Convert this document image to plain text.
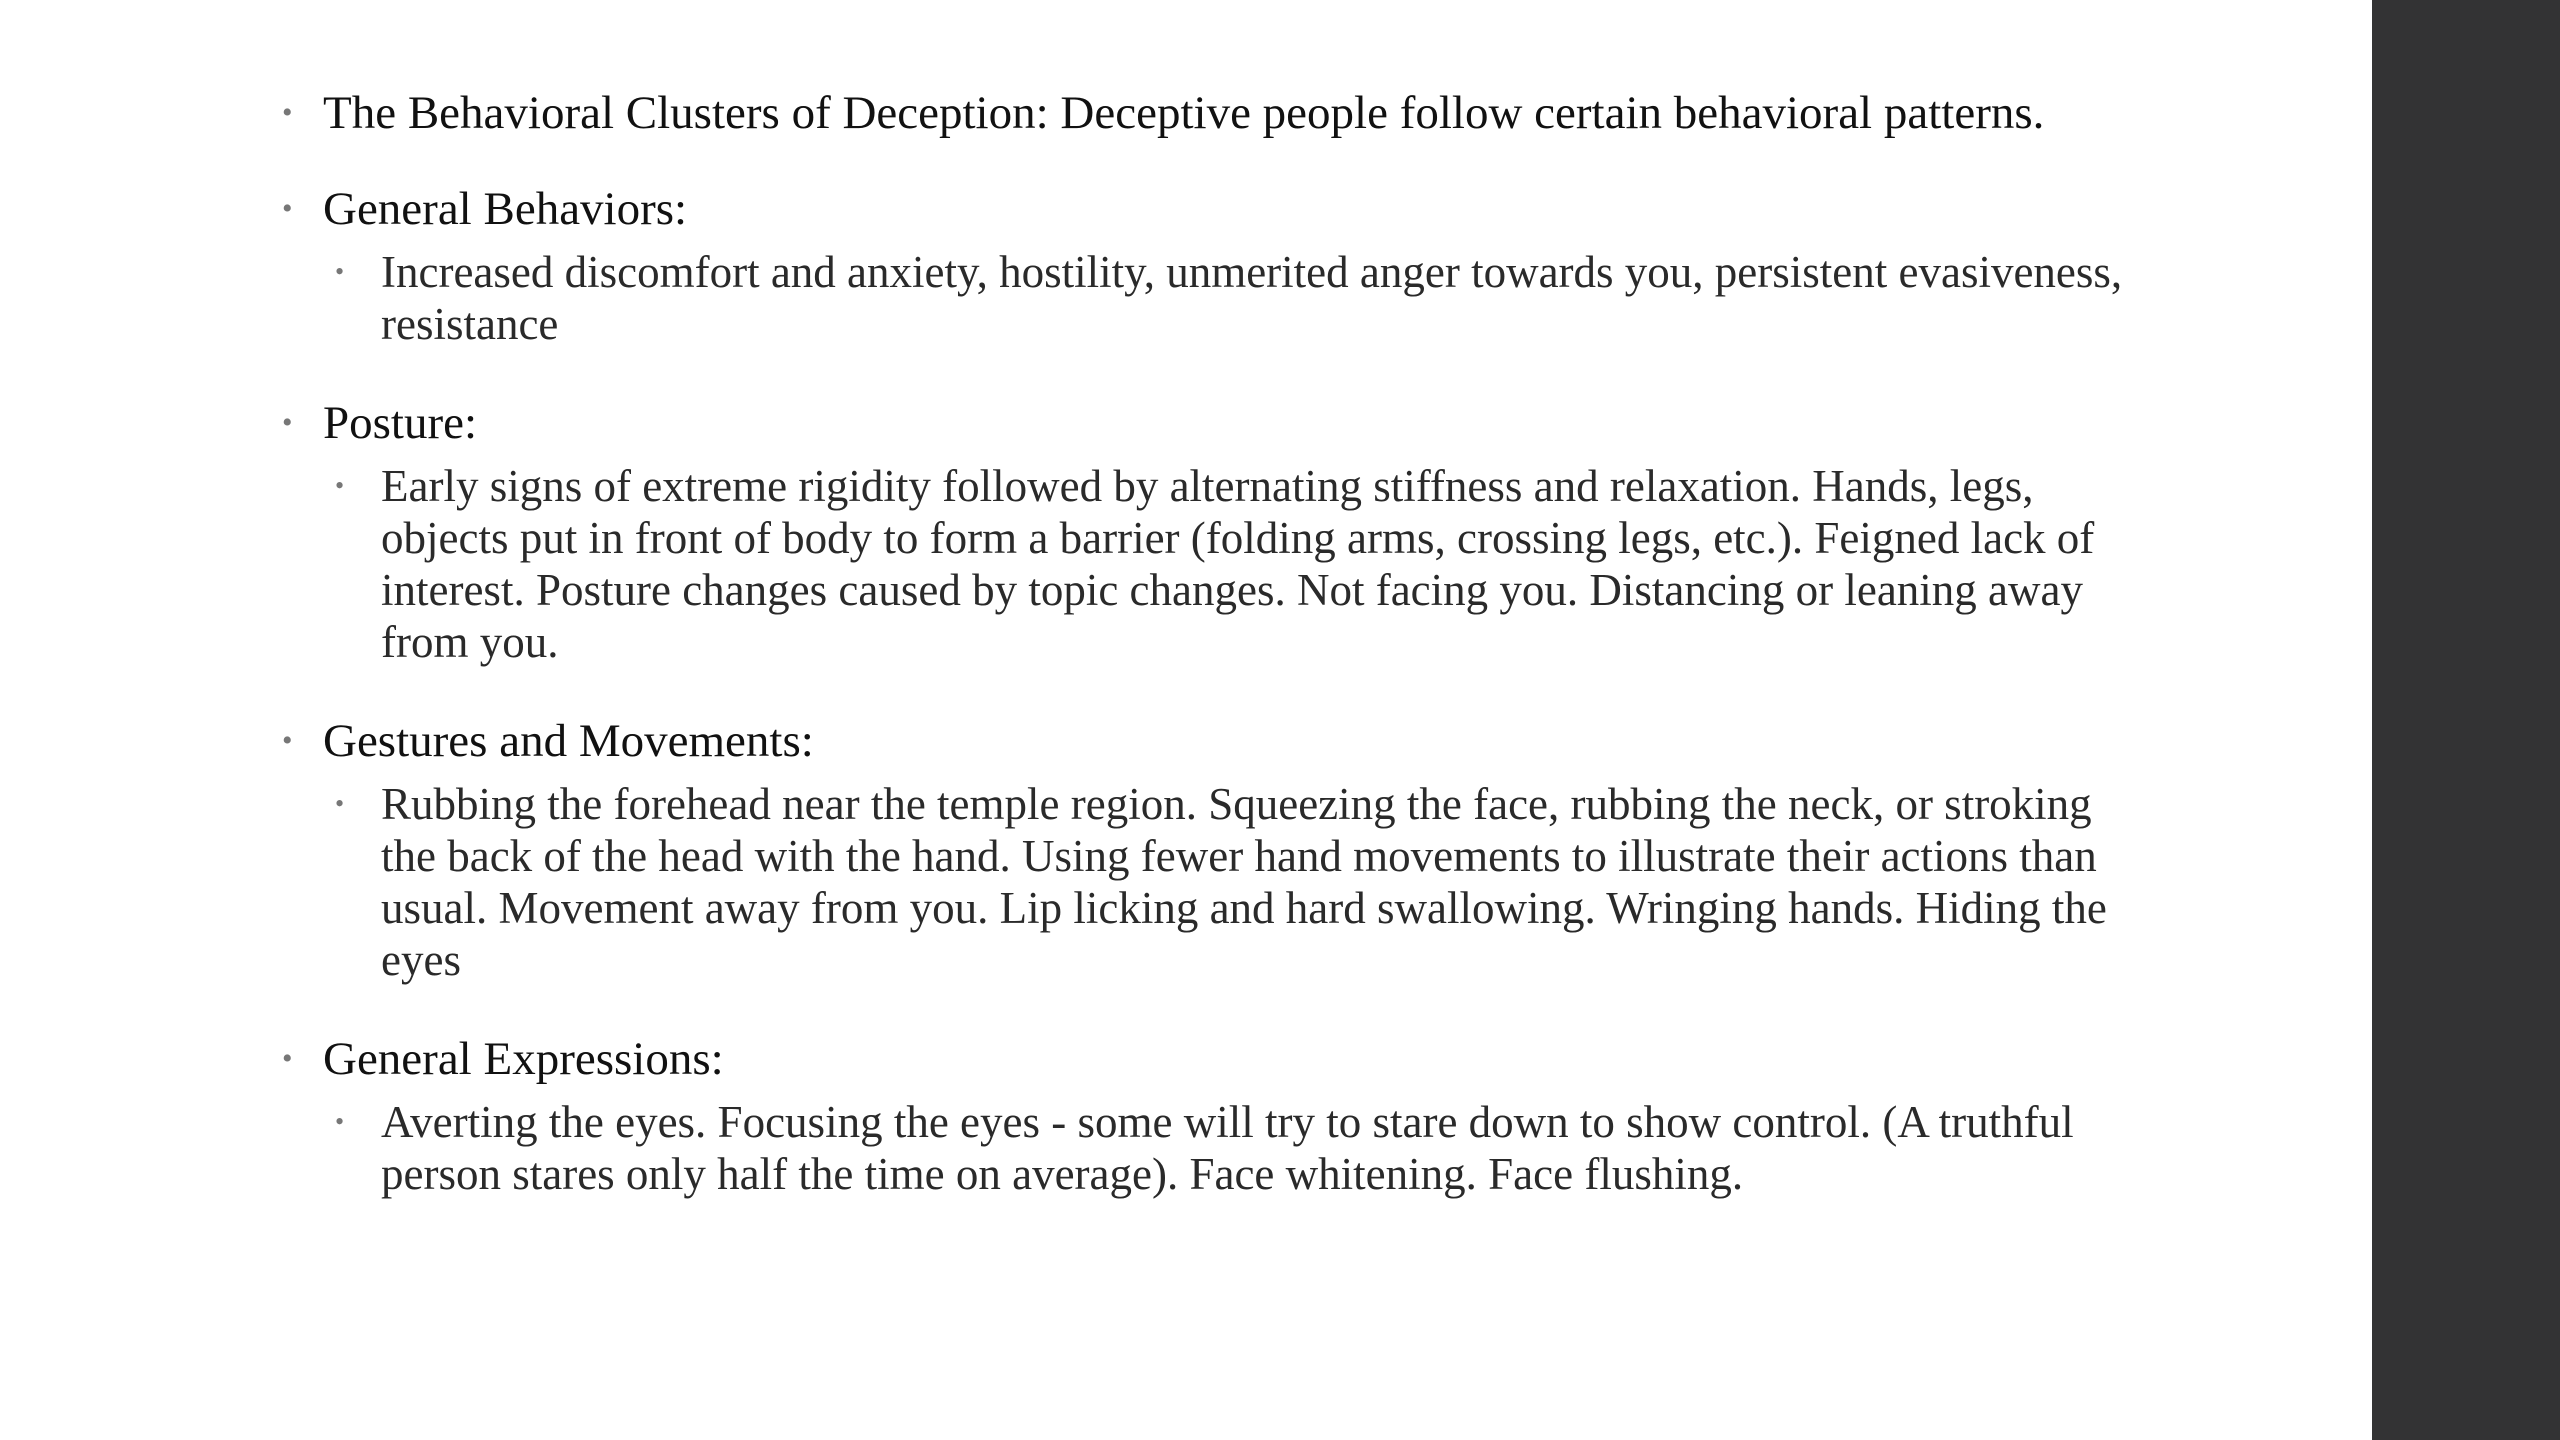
• The Behavioral Clusters of Deception: Deceptive people follow certain behavioral patterns.
• General Behaviors:
• Increased discomfort and anxiety, hostility, unmerited anger towards you, persistent evasiveness, resistance
• Posture:
• Early signs of extreme rigidity followed by alternating stiffness and relaxation. Hands, legs, objects put in front of body to form a barrier (folding arms, crossing legs, etc.). Feigned lack of interest. Posture changes caused by topic changes. Not facing you. Distancing or leaning away from you.
• Gestures and Movements:
• Rubbing the forehead near the temple region. Squeezing the face, rubbing the neck, or stroking the back of the head with the hand. Using fewer hand movements to illustrate their actions than usual. Movement away from you. Lip licking and hard swallowing. Wringing hands. Hiding the eyes
• General Expressions:
• Averting the eyes. Focusing the eyes - some will try to stare down to show control. (A truthful person stares only half the time on average). Face whitening. Face flushing.
